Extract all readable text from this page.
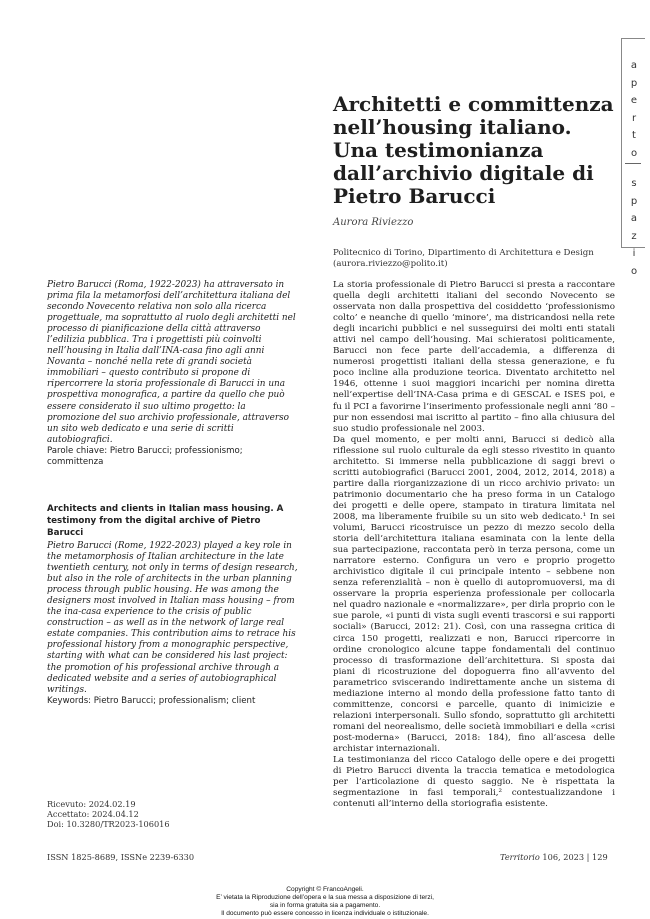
s
p
a
z
i
o
a
p
e
r
t
o
Architetti e committenza nell’housing italiano. Una testimonianza dall’archivio digitale di Pietro Barucci
Aurora Riviezzo
Politecnico di Torino, Dipartimento di Architettura e Design
(aurora.riviezzo@polito.it)
Pietro Barucci (Roma, 1922-2023) ha attraversato in prima fila la metamorfosi dell’architettura italiana del secondo Novecento relativa non solo alla ricerca progettuale, ma soprattutto al ruolo degli architetti nel processo di pianificazione della città attraverso l’edilizia pubblica. Tra i progettisti più coinvolti nell’housing in Italia dall’INA-casa fino agli anni Novanta – nonché nella rete di grandi società immobiliari – questo contributo si propone di ripercorrere la storia professionale di Barucci in una prospettiva monografica, a partire da quello che può essere considerato il suo ultimo progetto: la promozione del suo archivio professionale, attraverso un sito web dedicato e una serie di scritti autobiografici.
Parole chiave: Pietro Barucci; professionismo; committenza
Architects and clients in Italian mass housing. A testimony from the digital archive of Pietro Barucci
Pietro Barucci (Rome, 1922-2023) played a key role in the metamorphosis of Italian architecture in the late twentieth century, not only in terms of design research, but also in the role of architects in the urban planning process through public housing. He was among the designers most involved in Italian mass housing – from the ina-casa experience to the crisis of public construction – as well as in the network of large real estate companies. This contribution aims to retrace his professional history from a monographic perspective, starting with what can be considered his last project: the promotion of his professional archive through a dedicated website and a series of autobiographical writings.
Keywords: Pietro Barucci; professionalism; client
Ricevuto: 2024.02.19
Accettato: 2024.04.12
Doi: 10.3280/TR2023-106016

La storia professionale di Pietro Barucci si presta a raccontare quella degli architetti italiani del secondo Novecento se osservata non dalla prospettiva del cosiddetto ‘professionismo colto’ e neanche di quello ‘minore’, ma districandosi nella rete degli incarichi pubblici e nel susseguirsi dei molti enti statali attivi nel campo dell’housing. Mai schieratosi politicamente, Barucci non fece parte dell’accademia, a differenza di numerosi progettisti italiani della stessa generazione, e fu poco incline alla produzione teorica. Diventato architetto nel 1946, ottenne i suoi maggiori incarichi per nomina diretta nell’expertise dell’INA-Casa prima e di GESCAL e ISES poi, e fu il PCI a favorirne l’inserimento professionale negli anni ’80 – pur non essendosi mai iscritto al partito – fino alla chiusura del suo studio professionale nel 2003.

Da quel momento, e per molti anni, Barucci si dedicò alla riflessione sul ruolo culturale da egli stesso rivestito in quanto architetto. Si immerse nella pubblicazione di saggi brevi o scritti autobiografici (Barucci 2001, 2004, 2012, 2014, 2018) a partire dalla riorganizzazione di un ricco archivio privato: un patrimonio documentario che ha preso forma in un Catalogo dei progetti e delle opere, stampato in tiratura limitata nel 2008, ma liberamente fruibile su un sito web dedicato.¹ In sei volumi, Barucci ricostruisce un pezzo di mezzo secolo della storia dell’architettura italiana esaminata con la lente della sua partecipazione, raccontata però in terza persona, come un narratore esterno. Configura un vero e proprio progetto archivistico digitale il cui principale intento – sebbene non senza referenzialità – non è quello di autopromuoversi, ma di osservare la propria esperienza professionale per collocarla nel quadro nazionale e «normalizzare», per dirla proprio con le sue parole, «i punti di vista sugli eventi trascorsi e sui rapporti sociali» (Barucci, 2012: 21). Così, con una rassegna critica di circa 150 progetti, realizzati e non, Barucci ripercorre in ordine cronologico alcune tappe fondamentali del continuo processo di trasformazione dell’architettura. Si sposta dai piani di ricostruzione del dopoguerra fino all’avvento del parametrico sviscerando indirettamente anche un sistema di mediazione interno al mondo della professione fatto tanto di committenze, concorsi e parcelle, quanto di inimicizie e relazioni interpersonali. Sullo sfondo, soprattutto gli architetti romani del neorealismo, delle società immobiliari e della «crisi post-moderna» (Barucci, 2018: 184), fino all’ascesa delle archistar internazionali.

La testimonianza del ricco Catalogo delle opere e dei progetti di Pietro Barucci diventa la traccia tematica e metodologica per l’articolazione di questo saggio. Ne è rispettata la segmentazione in fasi temporali,² contestualizzandone i contenuti all’interno della storiografia esistente.

ISSN 1825-8689, ISSNe 2239-6330	Territorio 106, 2023 | 129
Copyright © FrancoAngeli.
E’ vietata la Riproduzione dell’opera e la sua messa a disposizione di terzi,
sia in forma gratuita sia a pagamento.
Il documento può essere concesso in licenza individuale o istituzionale.
